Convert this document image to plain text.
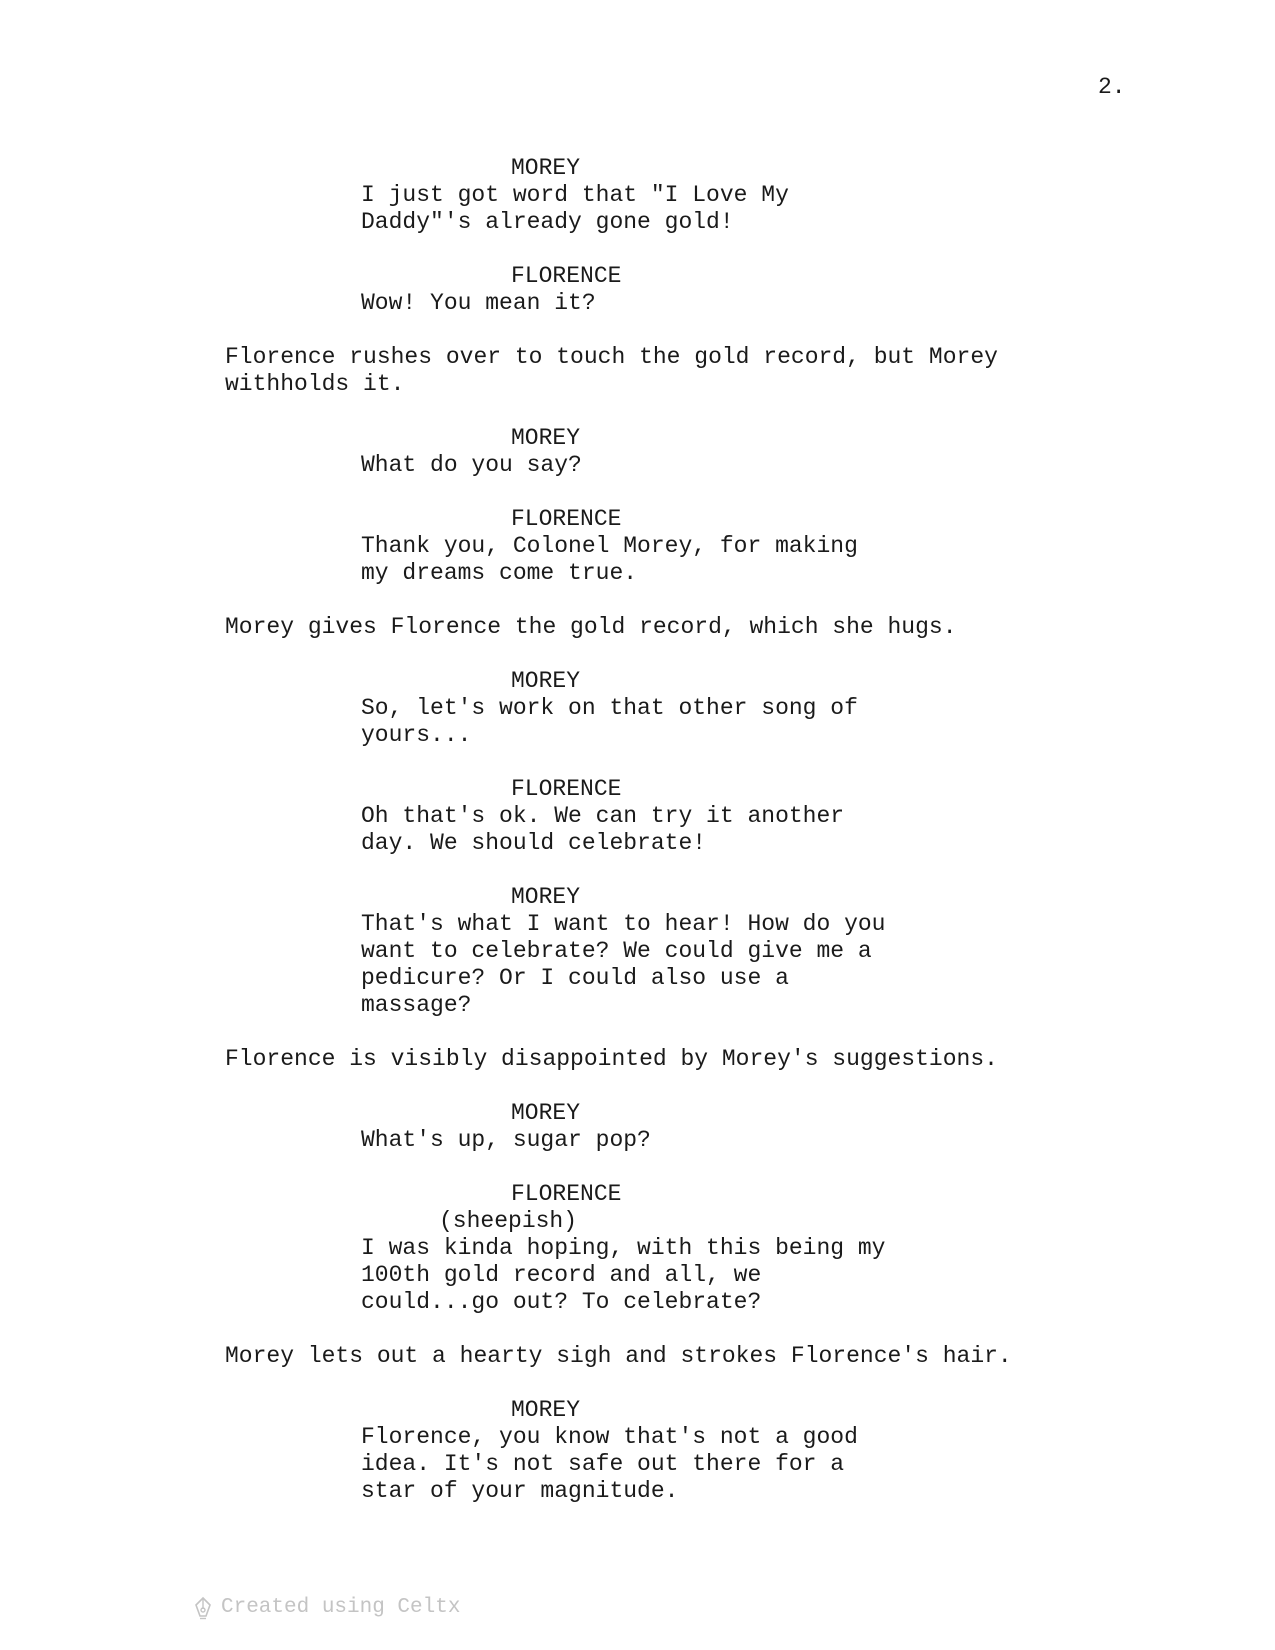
2.
MOREY
I just got word that "I Love My
Daddy"'s already gone gold!
FLORENCE
Wow! You mean it?
Florence rushes over to touch the gold record, but Morey
withholds it.
MOREY
What do you say?
FLORENCE
Thank you, Colonel Morey, for making
my dreams come true.
Morey gives Florence the gold record, which she hugs.
MOREY
So, let's work on that other song of
yours...
FLORENCE
Oh that's ok. We can try it another
day. We should celebrate!
MOREY
That's what I want to hear! How do you
want to celebrate? We could give me a
pedicure? Or I could also use a
massage?
Florence is visibly disappointed by Morey's suggestions.
MOREY
What's up, sugar pop?
FLORENCE
(sheepish)
I was kinda hoping, with this being my
100th gold record and all, we
could...go out? To celebrate?
Morey lets out a hearty sigh and strokes Florence's hair.
MOREY
Florence, you know that's not a good
idea. It's not safe out there for a
star of your magnitude.
Created using Celtx
